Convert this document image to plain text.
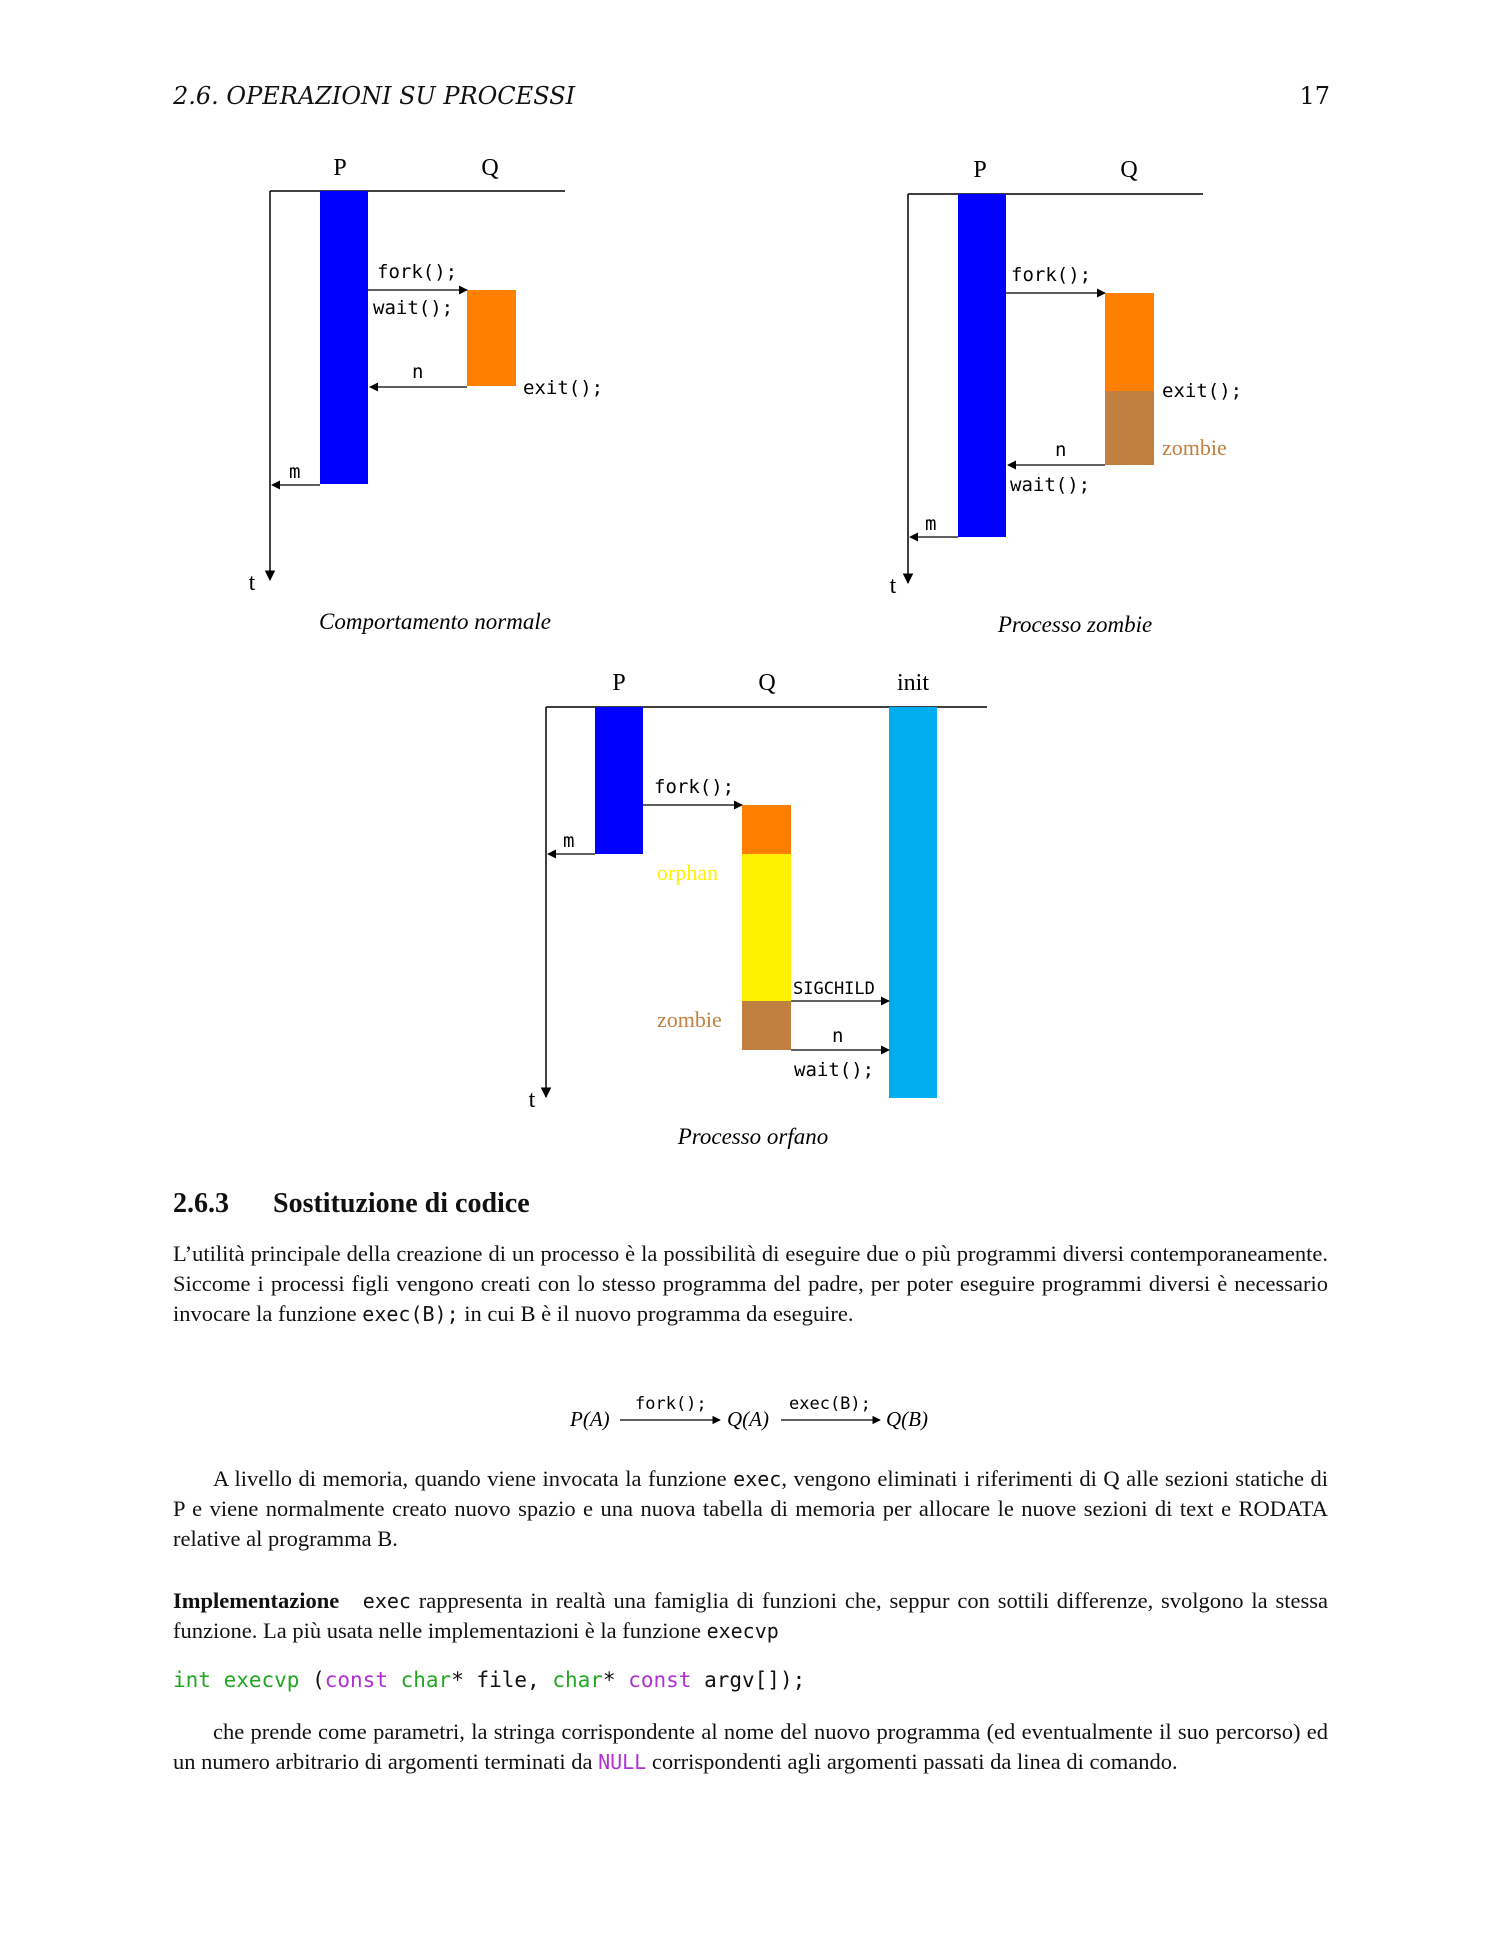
2.6. OPERAZIONI SU PROCESSI	17
P	Q
t
fork();
wait();
n
exit();
m
Comportamento normale
P	Q
t
fork();
exit();
zombie
n
wait();
m
Processo zombie
P	Q	init
t
fork();
m
orphan
SIGCHILD
zombie
n
wait();
Processo orfano
P(A)
fork();
Q(A)
exec(B);
Q(B)
2.6.3 Sostituzione di codice
L’utilità principale della creazione di un processo è la possibilità di eseguire due o più programmi diversi contemporaneamente. Siccome i processi figli vengono creati con lo stesso programma del padre, per poter eseguire programmi diversi è necessario invocare la funzione exec(B); in cui B è il nuovo programma da eseguire.
A livello di memoria, quando viene invocata la funzione exec, vengono eliminati i riferimenti di Q alle sezioni statiche di P e viene normalmente creato nuovo spazio e una nuova tabella di memoria per allocare le nuove sezioni di text e RODATA relative al programma B.
Implementazione exec rappresenta in realtà una famiglia di funzioni che, seppur con sottili differenze, svolgono la stessa funzione. La più usata nelle implementazioni è la funzione execvp
int execvp (const char* file, char* const argv[]);
che prende come parametri, la stringa corrispondente al nome del nuovo programma (ed eventualmente il suo percorso) ed un numero arbitrario di argomenti terminati da NULL corrispondenti agli argomenti passati da linea di comando.
